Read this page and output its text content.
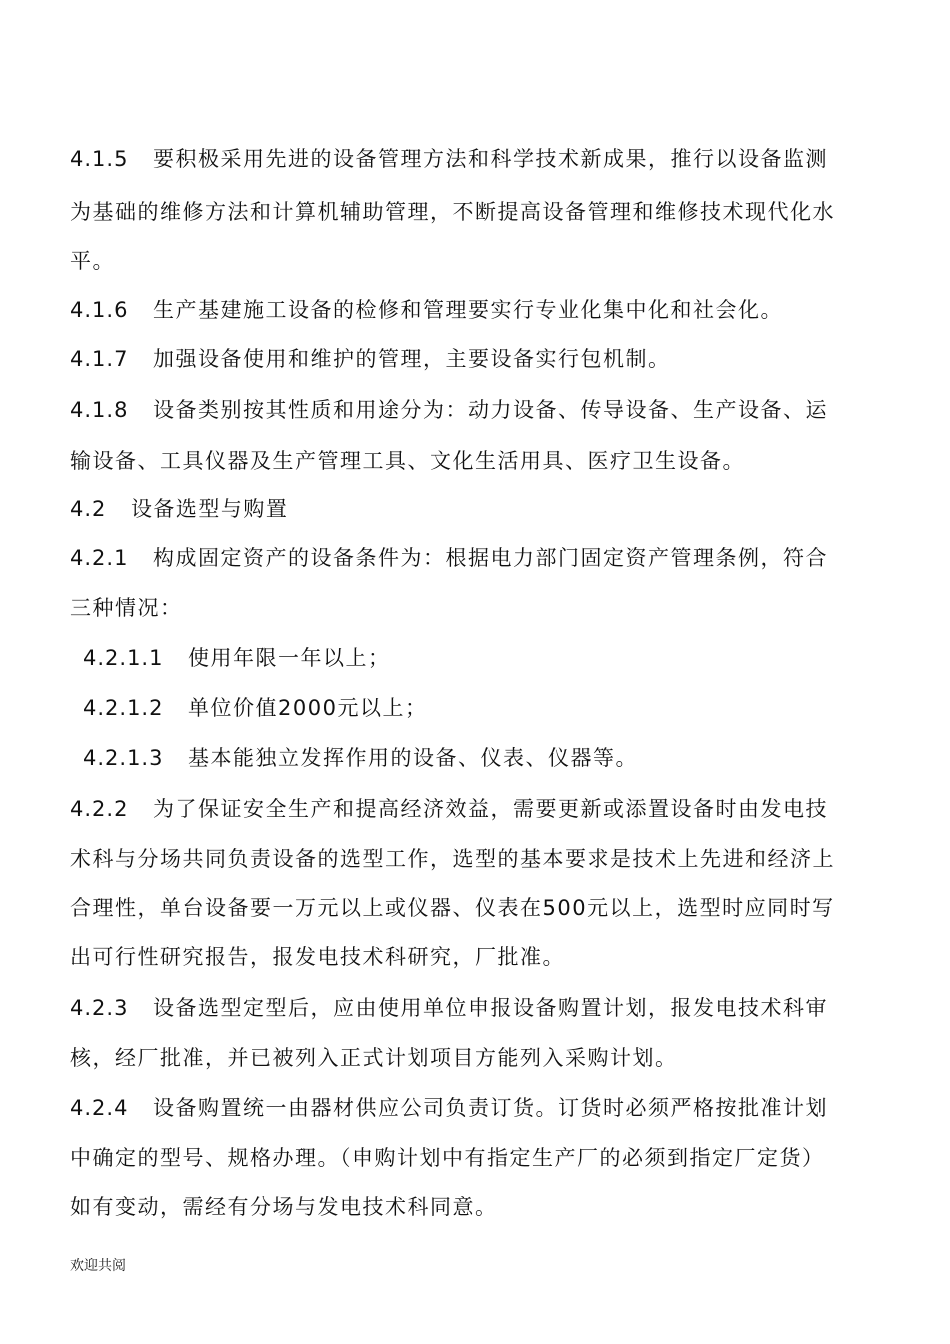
4.1.5 要积极采用先进的设备管理方法和科学技术新成果，推行以设备监测
为基础的维修方法和计算机辅助管理，不断提高设备管理和维修技术现代化水
平。
4.1.6 生产基建施工设备的检修和管理要实行专业化集中化和社会化。
4.1.7 加强设备使用和维护的管理，主要设备实行包机制。
4.1.8 设备类别按其性质和用途分为：动力设备、传导设备、生产设备、运
输设备、工具仪器及生产管理工具、文化生活用具、医疗卫生设备。
4.2 设备选型与购置
4.2.1 构成固定资产的设备条件为：根据电力部门固定资产管理条例，符合
三种情况：
4.2.1.1 使用年限一年以上；
4.2.1.2 单位价值2000元以上；
4.2.1.3 基本能独立发挥作用的设备、仪表、仪器等。
4.2.2 为了保证安全生产和提高经济效益，需要更新或添置设备时由发电技
术科与分场共同负责设备的选型工作，选型的基本要求是技术上先进和经济上
合理性，单台设备要一万元以上或仪器、仪表在500元以上，选型时应同时写
出可行性研究报告，报发电技术科研究，厂批准。
4.2.3 设备选型定型后，应由使用单位申报设备购置计划，报发电技术科审
核，经厂批准，并已被列入正式计划项目方能列入采购计划。
4.2.4 设备购置统一由器材供应公司负责订货。订货时必须严格按批准计划
中确定的型号、规格办理。（申购计划中有指定生产厂的必须到指定厂定货）
如有变动，需经有分场与发电技术科同意。
欢迎共阅
